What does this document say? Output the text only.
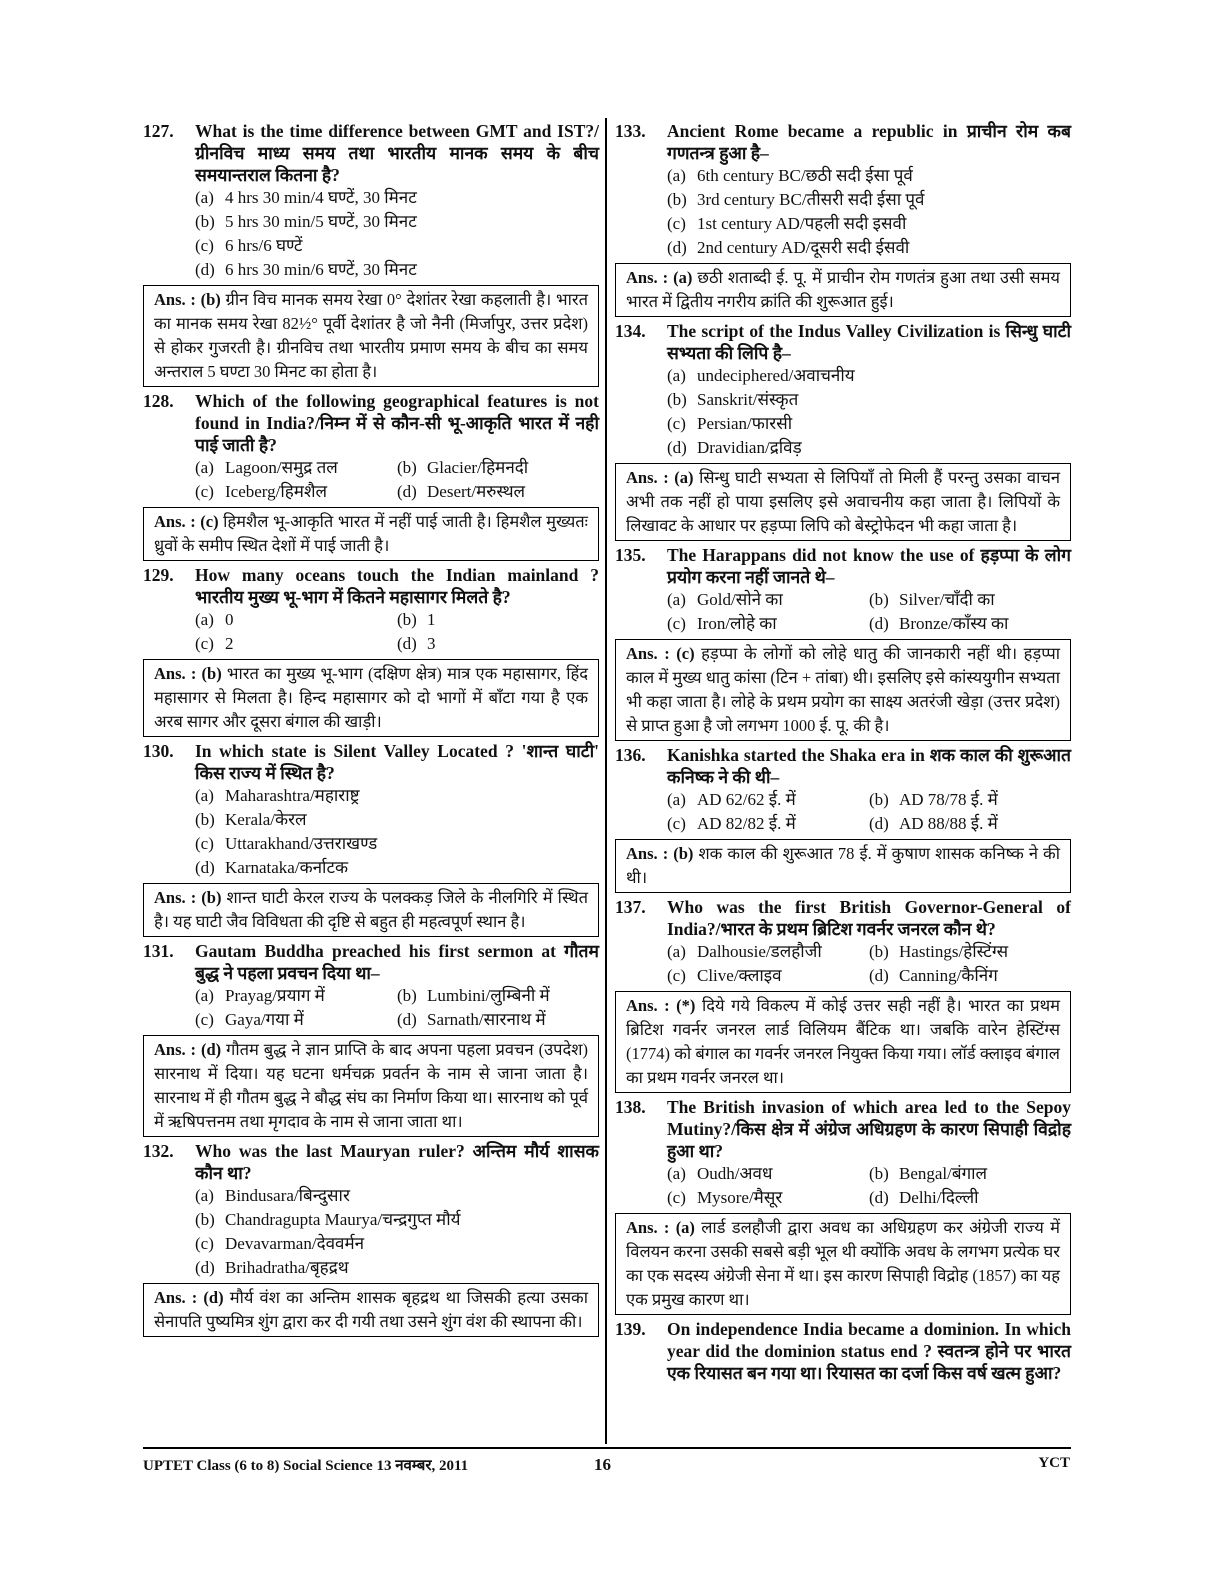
127.	What is the time difference between GMT and IST?/ग्रीनविच माध्य समय तथा भारतीय मानक समय के बीच समयान्तराल कितना है?
(a) 4 hrs 30 min/4 घण्टें, 30 मिनट
(b) 5 hrs 30 min/5 घण्टें, 30 मिनट
(c) 6 hrs/6 घण्टें
(d) 6 hrs 30 min/6 घण्टें, 30 मिनट
Ans. : (b) ग्रीन विच मानक समय रेखा 0° देशांतर रेखा कहलाती है। भारत का मानक समय रेखा 82½° पूर्वी देशांतर है जो नैनी (मिर्जापुर, उत्तर प्रदेश) से होकर गुजरती है। ग्रीनविच तथा भारतीय प्रमाण समय के बीच का समय अन्तराल 5 घण्टा 30 मिनट का होता है।
128.	Which of the following geographical features is not found in India?/निम्न में से कौन-सी भू-आकृति भारत में नही पाई जाती है?
(a) Lagoon/समुद्र तल	(b) Glacier/हिमनदी
(c) Iceberg/हिमशैल	(d) Desert/मरुस्थल
Ans. : (c) हिमशैल भू-आकृति भारत में नहीं पाई जाती है। हिमशैल मुख्यतः ध्रुवों के समीप स्थित देशों में पाई जाती है।
129.	How many oceans touch the Indian mainland ? भारतीय मुख्य भू-भाग में कितने महासागर मिलते है?
(a) 0	(b) 1
(c) 2	(d) 3
Ans. : (b) भारत का मुख्य भू-भाग (दक्षिण क्षेत्र) मात्र एक महासागर, हिंद महासागर से मिलता है। हिन्द महासागर को दो भागों में बाँटा गया है एक अरब सागर और दूसरा बंगाल की खाड़ी।
130.	In which state is Silent Valley Located ? 'शान्त घाटी' किस राज्य में स्थित है?
(a) Maharashtra/महाराष्ट्र
(b) Kerala/केरल
(c) Uttarakhand/उत्तराखण्ड
(d) Karnataka/कर्नाटक
Ans. : (b) शान्त घाटी केरल राज्य के पलक्कड़ जिले के नीलगिरि में स्थित है। यह घाटी जैव विविधता की दृष्टि से बहुत ही महत्वपूर्ण स्थान है।
131.	Gautam Buddha preached his first sermon at गौतम बुद्ध ने पहला प्रवचन दिया था–
(a) Prayag/प्रयाग में	(b) Lumbini/लुम्बिनी में
(c) Gaya/गया में	(d) Sarnath/सारनाथ में
Ans. : (d) गौतम बुद्ध ने ज्ञान प्राप्ति के बाद अपना पहला प्रवचन (उपदेश) सारनाथ में दिया। यह घटना धर्मचक्र प्रवर्तन के नाम से जाना जाता है। सारनाथ में ही गौतम बुद्ध ने बौद्ध संघ का निर्माण किया था। सारनाथ को पूर्व में ऋषिपत्तनम तथा मृगदाव के नाम से जाना जाता था।
132.	Who was the last Mauryan ruler? अन्तिम मौर्य शासक कौन था?
(a) Bindusara/बिन्दुसार
(b) Chandragupta Maurya/चन्द्रगुप्त मौर्य
(c) Devavarman/देववर्मन
(d) Brihadratha/बृहद्रथ
Ans. : (d) मौर्य वंश का अन्तिम शासक बृहद्रथ था जिसकी हत्या उसका सेनापति पुष्यमित्र शुंग द्वारा कर दी गयी तथा उसने शुंग वंश की स्थापना की।
133.	Ancient Rome became a republic in प्राचीन रोम कब गणतन्त्र हुआ है–
(a) 6th century BC/छठी सदी ईसा पूर्व
(b) 3rd century BC/तीसरी सदी ईसा पूर्व
(c) 1st century AD/पहली सदी इसवी
(d) 2nd century AD/दूसरी सदी ईसवी
Ans. : (a) छठी शताब्दी ई. पू. में प्राचीन रोम गणतंत्र हुआ तथा उसी समय भारत में द्वितीय नगरीय क्रांति की शुरूआत हुई।
134.	The script of the Indus Valley Civilization is सिन्धु घाटी सभ्यता की लिपि है–
(a) undeciphered/अवाचनीय
(b) Sanskrit/संस्कृत
(c) Persian/फारसी
(d) Dravidian/द्रविड़
Ans. : (a) सिन्धु घाटी सभ्यता से लिपियाँ तो मिली हैं परन्तु उसका वाचन अभी तक नहीं हो पाया इसलिए इसे अवाचनीय कहा जाता है। लिपियों के लिखावट के आधार पर हड़प्पा लिपि को बेस्ट्रोफेदन भी कहा जाता है।
135.	The Harappans did not know the use of हड़प्पा के लोग प्रयोग करना नहीं जानते थे–
(a) Gold/सोने का	(b) Silver/चाँदी का
(c) Iron/लोहे का	(d) Bronze/काँस्य का
Ans. : (c) हड़प्पा के लोगों को लोहे धातु की जानकारी नहीं थी। हड़प्पा काल में मुख्य धातु कांसा (टिन + तांबा) थी। इसलिए इसे कांस्ययुगीन सभ्यता भी कहा जाता है। लोहे के प्रथम प्रयोग का साक्ष्य अतरंजी खेड़ा (उत्तर प्रदेश) से प्राप्त हुआ है जो लगभग 1000 ई. पू. की है।
136.	Kanishka started the Shaka era in शक काल की शुरूआत कनिष्क ने की थी–
(a) AD 62/62 ई. में	(b) AD 78/78 ई. में
(c) AD 82/82 ई. में	(d) AD 88/88 ई. में
Ans. : (b) शक काल की शुरूआत 78 ई. में कुषाण शासक कनिष्क ने की थी।
137.	Who was the first British Governor-General of India?/भारत के प्रथम ब्रिटिश गवर्नर जनरल कौन थे?
(a) Dalhousie/डलहौजी	(b) Hastings/हेस्टिंग्स
(c) Clive/क्लाइव	(d) Canning/कैनिंग
Ans. : (*) दिये गये विकल्प में कोई उत्तर सही नहीं है। भारत का प्रथम ब्रिटिश गवर्नर जनरल लार्ड विलियम बैंटिक था। जबकि वारेन हेस्टिंग्स (1774) को बंगाल का गवर्नर जनरल नियुक्त किया गया। लॉर्ड क्लाइव बंगाल का प्रथम गवर्नर जनरल था।
138.	The British invasion of which area led to the Sepoy Mutiny?/किस क्षेत्र में अंग्रेज अधिग्रहण के कारण सिपाही विद्रोह हुआ था?
(a) Oudh/अवध	(b) Bengal/बंगाल
(c) Mysore/मैसूर	(d) Delhi/दिल्ली
Ans. : (a) लार्ड डलहौजी द्वारा अवध का अधिग्रहण कर अंग्रेजी राज्य में विलयन करना उसकी सबसे बड़ी भूल थी क्योंकि अवध के लगभग प्रत्येक घर का एक सदस्य अंग्रेजी सेना में था। इस कारण सिपाही विद्रोह (1857) का यह एक प्रमुख कारण था।
139.	On independence India became a dominion. In which year did the dominion status end ? स्वतन्त्र होने पर भारत एक रियासत बन गया था। रियासत का दर्जा किस वर्ष खत्म हुआ?
UPTET Class (6 to 8) Social Science 13 नवम्बर, 2011	16	YCT
